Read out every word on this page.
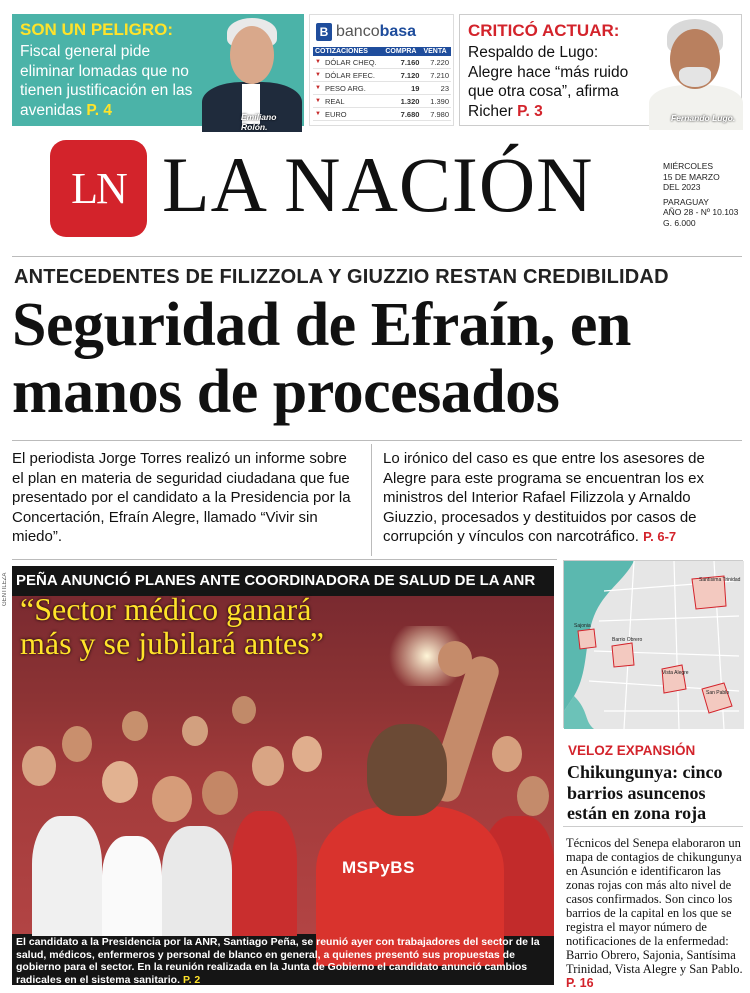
SON UN PELIGRO:
Fiscal general pide eliminar lomadas que no tienen justificación en las avenidas P. 4	Emiliano Rolón.
B banco basa
COTIZACIONES		COMPRA	VENTA
▼	DÓLAR CHEQ.	7.160	7.220
▼	DÓLAR EFEC.	7.120	7.210
▼	PESO ARG.	19	23
▼	REAL	1.320	1.390
▼	EURO	7.680	7.980
CRITICÓ ACTUAR:
Respaldo de Lugo: Alegre hace “más ruido que otra cosa”, afirma Richer P. 3	Fernando Lugo.
LN LA NACIÓN	MIÉRCOLES
15 DE MARZO
DEL 2023
PARAGUAY
AÑO 28 - Nº 10.103
G. 6.000
ANTECEDENTES DE FILIZZOLA Y GIUZZIO RESTAN CREDIBILIDAD
Seguridad de Efraín, en manos de procesados
El periodista Jorge Torres realizó un informe sobre el plan en materia de seguridad ciudadana que fue presentado por el candidato a la Presidencia por la Concertación, Efraín Alegre, llamado “Vivir sin miedo”.
Lo irónico del caso es que entre los asesores de Alegre para este programa se encuentran los ex ministros del Interior Rafael Filizzola y Arnaldo Giuzzio, procesados y destituidos por casos de corrupción y vínculos con narcotráfico. P. 6-7
GENTILEZA PEÑA ANUNCIÓ PLANES ANTE COORDINADORA DE SALUD DE LA ANR
MSPyBS
“Sector médico ganará
más y se jubilará antes”
El candidato a la Presidencia por la ANR, Santiago Peña, se reunió ayer con trabajadores del sector de la salud, médicos, enfermeros y personal de blanco en general, a quienes presentó sus propuestas de gobierno para el sector. En la reunión realizada en la Junta de Gobierno el candidato anunció cambios radicales en el sistema sanitario. P. 2
Santísima Trinidad
Sajonia
Barrio Obrero
Vista Alegre
San Pablo
VELOZ EXPANSIÓN
Chikungunya: cinco barrios asuncenos están en zona roja
Técnicos del Senepa elaboraron un mapa de contagios de chikungunya en Asunción e identificaron las zonas rojas con más alto nivel de casos confirmados. Son cinco los barrios de la capital en los que se registra el mayor número de notificaciones de la enfermedad: Barrio Obrero, Sajonia, Santísima Trinidad, Vista Alegre y San Pablo. P. 16
